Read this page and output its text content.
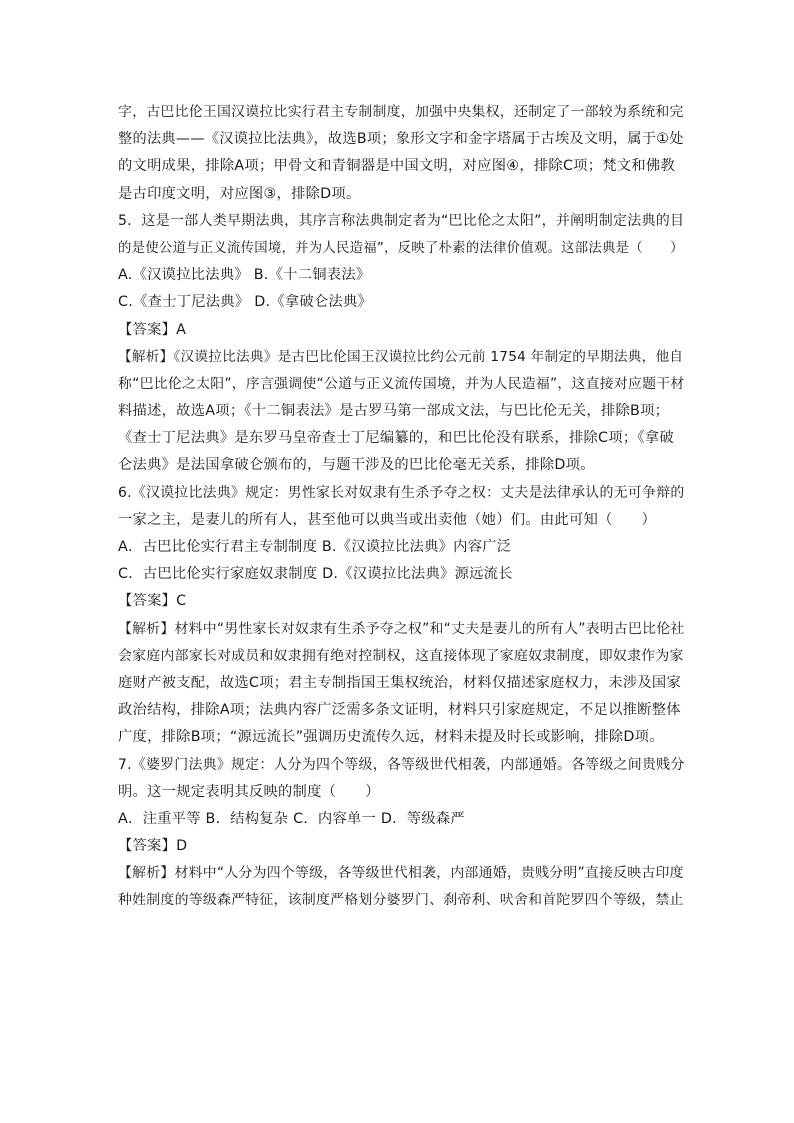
字，古巴比伦王国汉谟拉比实行君主专制制度，加强中央集权，还制定了一部较为系统和完
整的法典——《汉谟拉比法典》，故选B项；象形文字和金字塔属于古埃及文明，属于①处
的文明成果，排除A项；甲骨文和青铜器是中国文明，对应图④，排除C项；梵文和佛教
是古印度文明，对应图③，排除D项。
5．这是一部人类早期法典，其序言称法典制定者为“巴比伦之太阳”，并阐明制定法典的目
的是使公道与正义流传国境，并为人民造福”，反映了朴素的法律价值观。这部法典是（　　）
A.《汉谟拉比法典》 B.《十二铜表法》
C.《查士丁尼法典》 D.《拿破仑法典》
【答案】A
【解析】《汉谟拉比法典》是古巴比伦国王汉谟拉比约公元前 1754 年制定的早期法典，他自
称“巴比伦之太阳”，序言强调使“公道与正义流传国境，并为人民造福”，这直接对应题干材
料描述，故选A项；《十二铜表法》是古罗马第一部成文法，与巴比伦无关，排除B项；
《查士丁尼法典》是东罗马皇帝查士丁尼编纂的，和巴比伦没有联系，排除C项；《拿破
仑法典》是法国拿破仑颁布的，与题干涉及的巴比伦毫无关系，排除D项。
6.《汉谟拉比法典》规定：男性家长对奴隶有生杀予夺之权：丈夫是法律承认的无可争辩的
一家之主，是妻儿的所有人，甚至他可以典当或出卖他（她）们。由此可知（　　）
A．古巴比伦实行君主专制制度 B.《汉谟拉比法典》内容广泛
C．古巴比伦实行家庭奴隶制度 D.《汉谟拉比法典》源远流长
【答案】C
【解析】材料中“男性家长对奴隶有生杀予夺之权”和“丈夫是妻儿的所有人”表明古巴比伦社
会家庭内部家长对成员和奴隶拥有绝对控制权，这直接体现了家庭奴隶制度，即奴隶作为家
庭财产被支配，故选C项；君主专制指国王集权统治，材料仅描述家庭权力，未涉及国家
政治结构，排除A项；法典内容广泛需多条文证明，材料只引家庭规定，不足以推断整体
广度，排除B项；“源远流长”强调历史流传久远，材料未提及时长或影响，排除D项。
7.《婆罗门法典》规定：人分为四个等级，各等级世代相袭，内部通婚。各等级之间贵贱分
明。这一规定表明其反映的制度（　　）
A．注重平等 B．结构复杂 C．内容单一 D．等级森严
【答案】D
【解析】材料中“人分为四个等级，各等级世代相袭，内部通婚，贵贱分明”直接反映古印度
种姓制度的等级森严特征，该制度严格划分婆罗门、刹帝利、吠舍和首陀罗四个等级，禁止
